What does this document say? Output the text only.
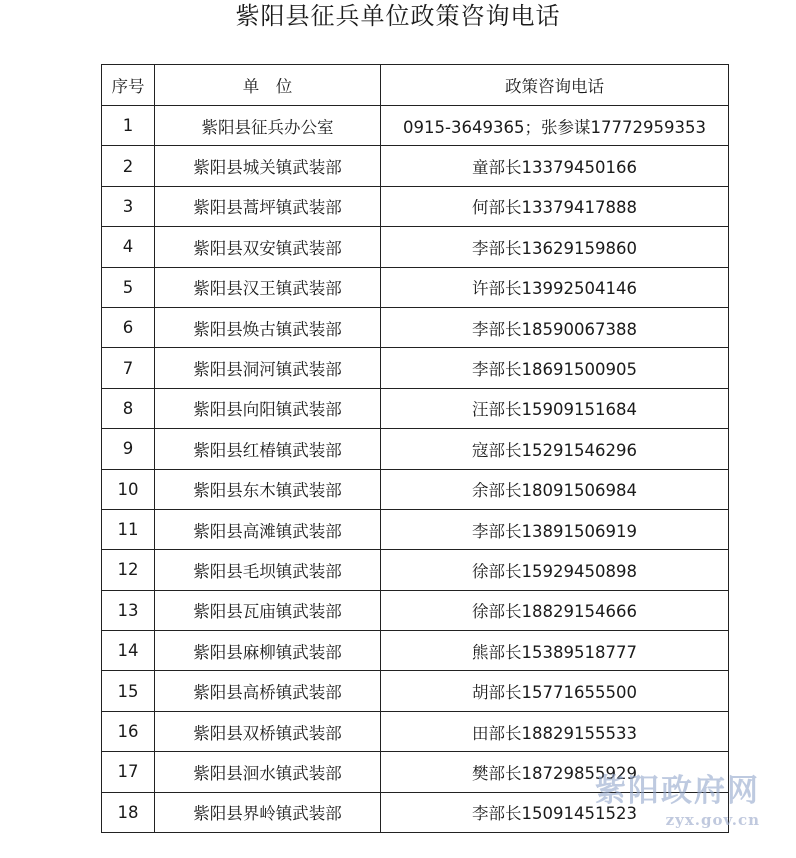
紫阳县征兵单位政策咨询电话
序号	单　位	政策咨询电话
1	紫阳县征兵办公室	0915-3649365；张参谋17772959353
2	紫阳县城关镇武装部	童部长13379450166
3	紫阳县蒿坪镇武装部	何部长13379417888
4	紫阳县双安镇武装部	李部长13629159860
5	紫阳县汉王镇武装部	许部长13992504146
6	紫阳县焕古镇武装部	李部长18590067388
7	紫阳县洞河镇武装部	李部长18691500905
8	紫阳县向阳镇武装部	汪部长15909151684
9	紫阳县红椿镇武装部	寇部长15291546296
10	紫阳县东木镇武装部	余部长18091506984
11	紫阳县高滩镇武装部	李部长13891506919
12	紫阳县毛坝镇武装部	徐部长15929450898
13	紫阳县瓦庙镇武装部	徐部长18829154666
14	紫阳县麻柳镇武装部	熊部长15389518777
15	紫阳县高桥镇武装部	胡部长15771655500
16	紫阳县双桥镇武装部	田部长18829155533
17	紫阳县洄水镇武装部	樊部长18729855929
18	紫阳县界岭镇武装部	李部长15091451523
紫阳政府网
zyx.gov.cn
